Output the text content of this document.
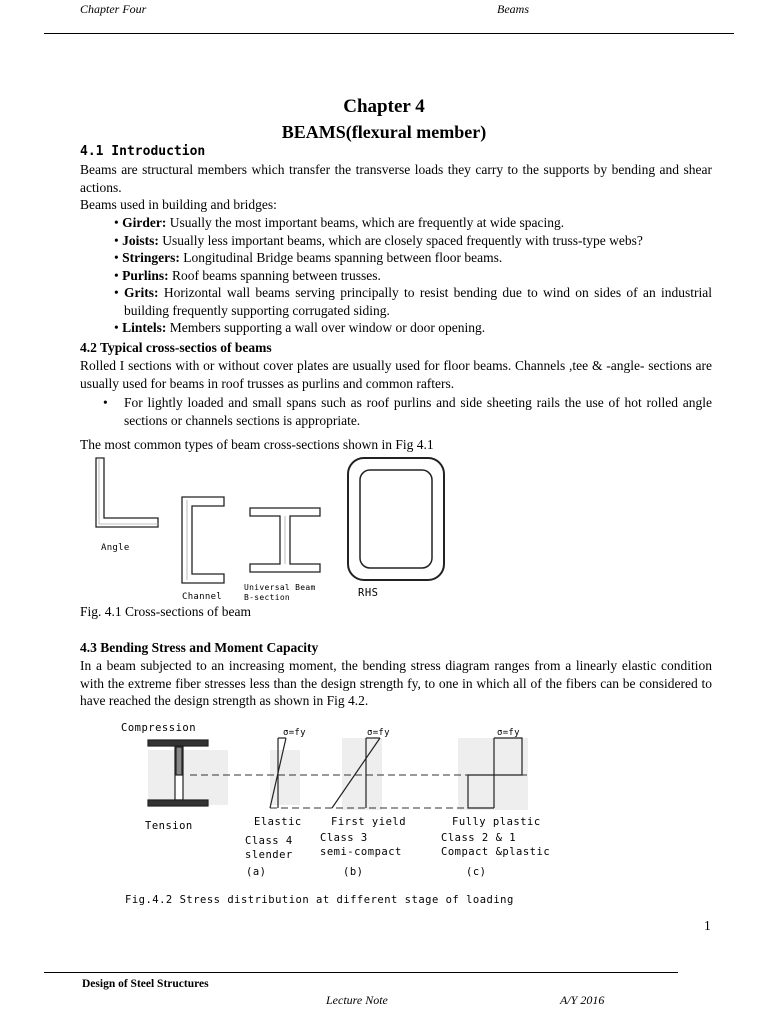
Chapter Four	Beams
Chapter 4
BEAMS(flexural member)
4.1 Introduction
Beams are structural members which transfer the transverse loads they carry to the supports by bending and shear actions.
Beams used in building and bridges:
• Girder: Usually the most important beams, which are frequently at wide spacing.
• Joists: Usually less important beams, which are closely spaced frequently with truss-type webs?
• Stringers: Longitudinal Bridge beams spanning between floor beams.
• Purlins: Roof beams spanning between trusses.
• Grits: Horizontal wall beams serving principally to resist bending due to wind on sides of an industrial building frequently supporting corrugated siding.
• Lintels: Members supporting a wall over window or door opening.
4.2 Typical cross-sectios of beams
Rolled I sections with or without cover plates are usually used for floor beams. Channels ,tee & -angle- sections are usually used for beams in roof trusses as purlins and common rafters.
• For lightly loaded and small spans such as roof purlins and side sheeting rails the use of hot rolled angle sections or channels sections is appropriate.
The most common types of beam cross-sections shown in Fig 4.1
Angle
Channel
Universal Beam
B-section	RHS
Fig. 4.1 Cross-sections of beam
4.3 Bending Stress and Moment Capacity
In a beam subjected to an increasing moment, the bending stress diagram ranges from a linearly elastic condition with the extreme fiber stresses less than the design strength fy, to one in which all of the fibers can be considered to have reached the design strength as shown in Fig 4.2.
Compression	σ=fy	σ=fy	σ=fy
Tension	Elastic	First yield	Fully plastic
Class 4
slender
Class 3
semi-compact
Class 2 & 1
Compact &plastic
(a)	(b)	(c)
Fig.4.2 Stress distribution at different stage of loading
1
Design of Steel Structures
Lecture Note	A/Y 2016
